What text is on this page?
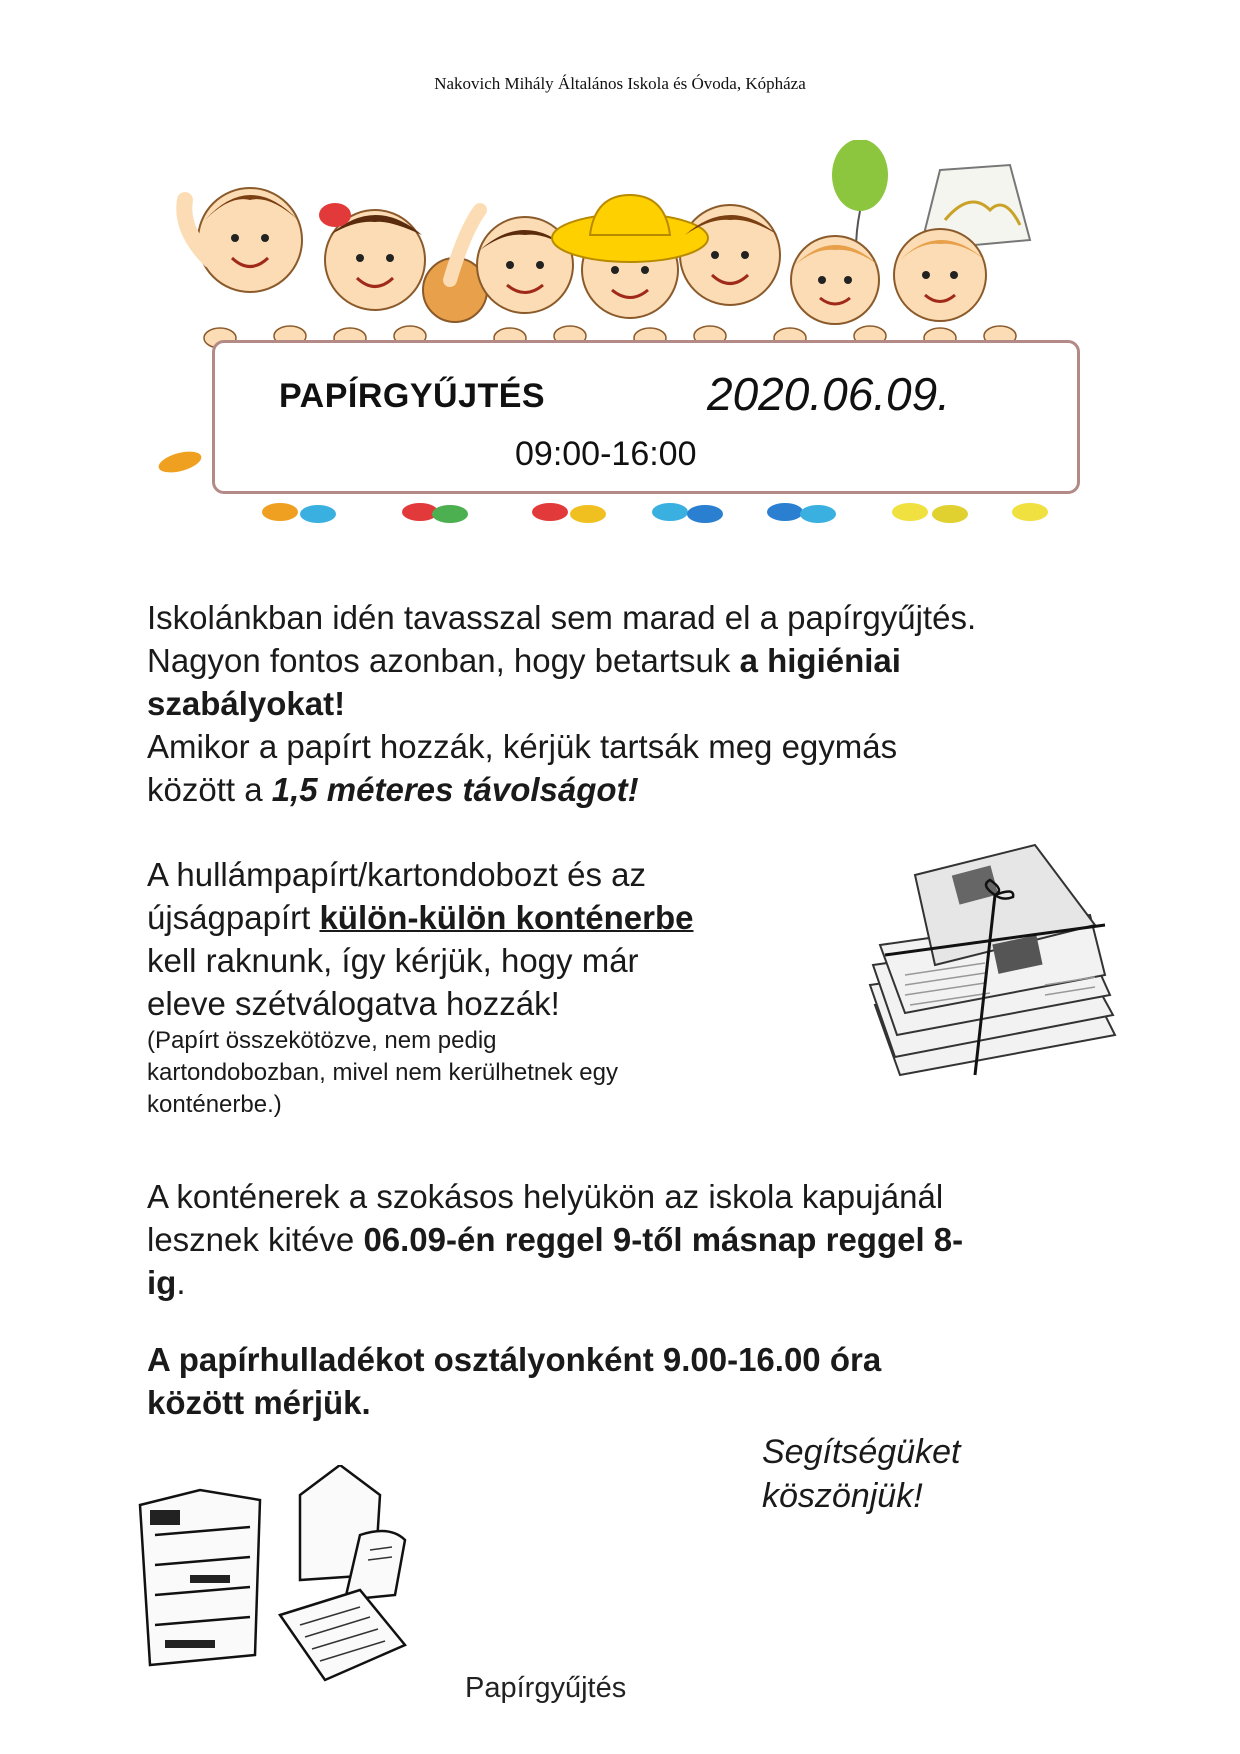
Nakovich Mihály Általános Iskola és Óvoda, Kópháza
PAPÍRGYŰJTÉS	2020.06.09.
09:00-16:00
Iskolánkban idén tavasszal sem marad el a papírgyűjtés.
Nagyon fontos azonban, hogy betartsuk a higiéniai
szabályokat!
Amikor a papírt hozzák, kérjük tartsák meg egymás
között a 1,5 méteres távolságot!
A hullámpapírt/kartondobozt és az
újságpapírt külön-külön konténerbe
kell raknunk, így kérjük, hogy már
eleve szétválogatva hozzák!
(Papírt összekötözve, nem pedig
kartondobozban, mivel nem kerülhetnek egy
konténerbe.)
A konténerek a szokásos helyükön az iskola kapujánál
lesznek kitéve 06.09-én reggel 9-től másnap reggel 8-
ig.
A papírhulladékot osztályonként 9.00-16.00 óra
között mérjük.
Segítségüket
köszönjük!
Papírgyűjtés
